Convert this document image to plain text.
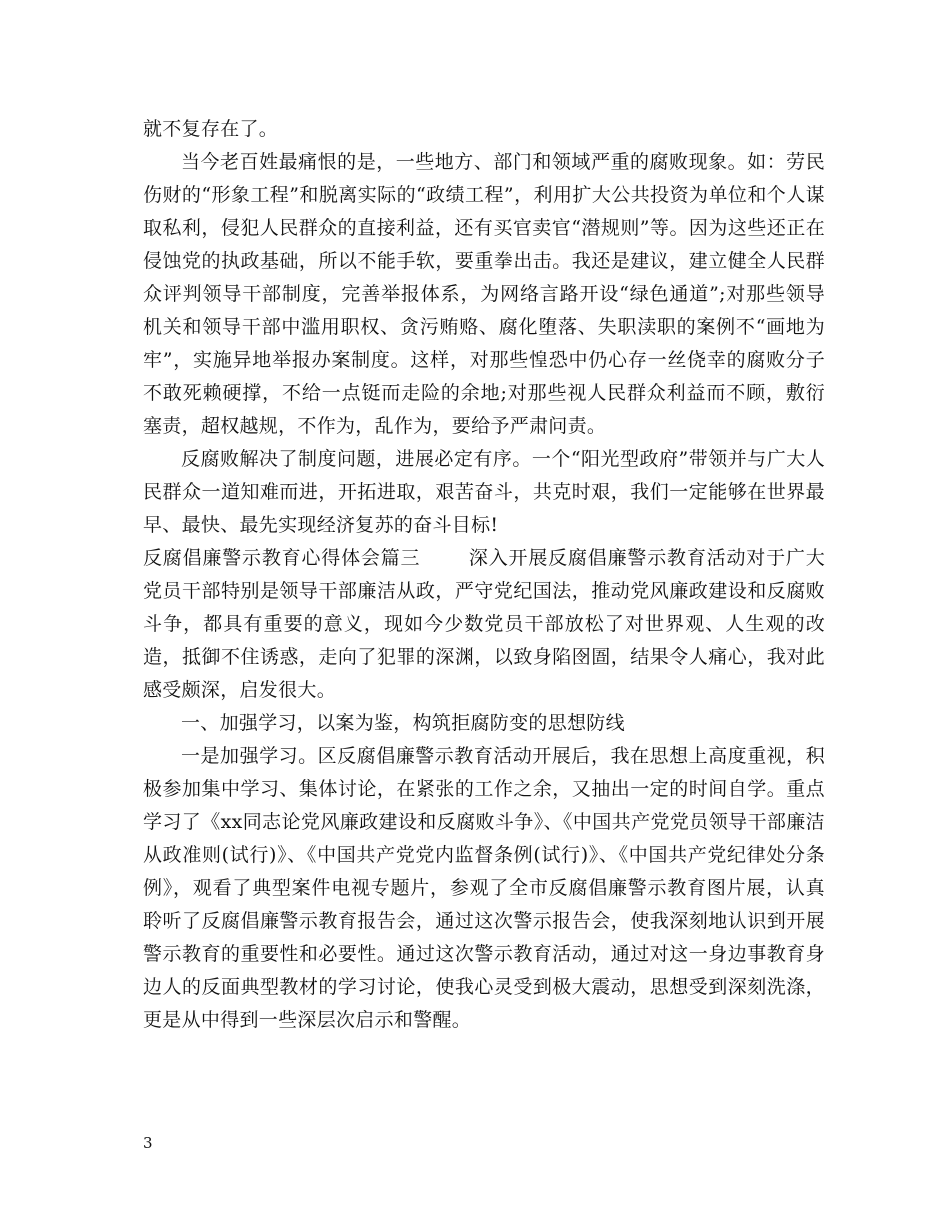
就不复存在了。

当今老百姓最痛恨的是，一些地方、部门和领域严重的腐败现象。如：劳民伤财的“形象工程”和脱离实际的“政绩工程”，利用扩大公共投资为单位和个人谋取私利，侵犯人民群众的直接利益，还有买官卖官“潜规则”等。因为这些还正在侵蚀党的执政基础，所以不能手软，要重拳出击。我还是建议，建立健全人民群众评判领导干部制度，完善举报体系，为网络言路开设“绿色通道”;对那些领导机关和领导干部中滥用职权、贪污贿赂、腐化堕落、失职渎职的案例不“画地为牢”，实施异地举报办案制度。这样，对那些惶恐中仍心存一丝侥幸的腐败分子不敢死赖硬撑，不给一点铤而走险的余地;对那些视人民群众利益而不顾，敷衍塞责，超权越规，不作为，乱作为，要给予严肃问责。

反腐败解决了制度问题，进展必定有序。一个“阳光型政府”带领并与广大人民群众一道知难而进，开拓进取，艰苦奋斗，共克时艰，我们一定能够在世界最早、最快、最先实现经济复苏的奋斗目标!

反腐倡廉警示教育心得体会篇三	深入开展反腐倡廉警示教育活动对于广大党员干部特别是领导干部廉洁从政，严守党纪国法，推动党风廉政建设和反腐败斗争，都具有重要的意义，现如今少数党员干部放松了对世界观、人生观的改造，抵御不住诱惑，走向了犯罪的深渊，以致身陷囹圄，结果令人痛心，我对此感受颇深，启发很大。

一、加强学习，以案为鉴，构筑拒腐防变的思想防线

一是加强学习。区反腐倡廉警示教育活动开展后，我在思想上高度重视，积极参加集中学习、集体讨论，在紧张的工作之余，又抽出一定的时间自学。重点学习了《xx同志论党风廉政建设和反腐败斗争》、《中国共产党党员领导干部廉洁从政准则(试行)》、《中国共产党党内监督条例(试行)》、《中国共产党纪律处分条例》，观看了典型案件电视专题片，参观了全市反腐倡廉警示教育图片展，认真聆听了反腐倡廉警示教育报告会，通过这次警示报告会，使我深刻地认识到开展警示教育的重要性和必要性。通过这次警示教育活动，通过对这一身边事教育身边人的反面典型教材的学习讨论，使我心灵受到极大震动，思想受到深刻洗涤，更是从中得到一些深层次启示和警醒。

3
